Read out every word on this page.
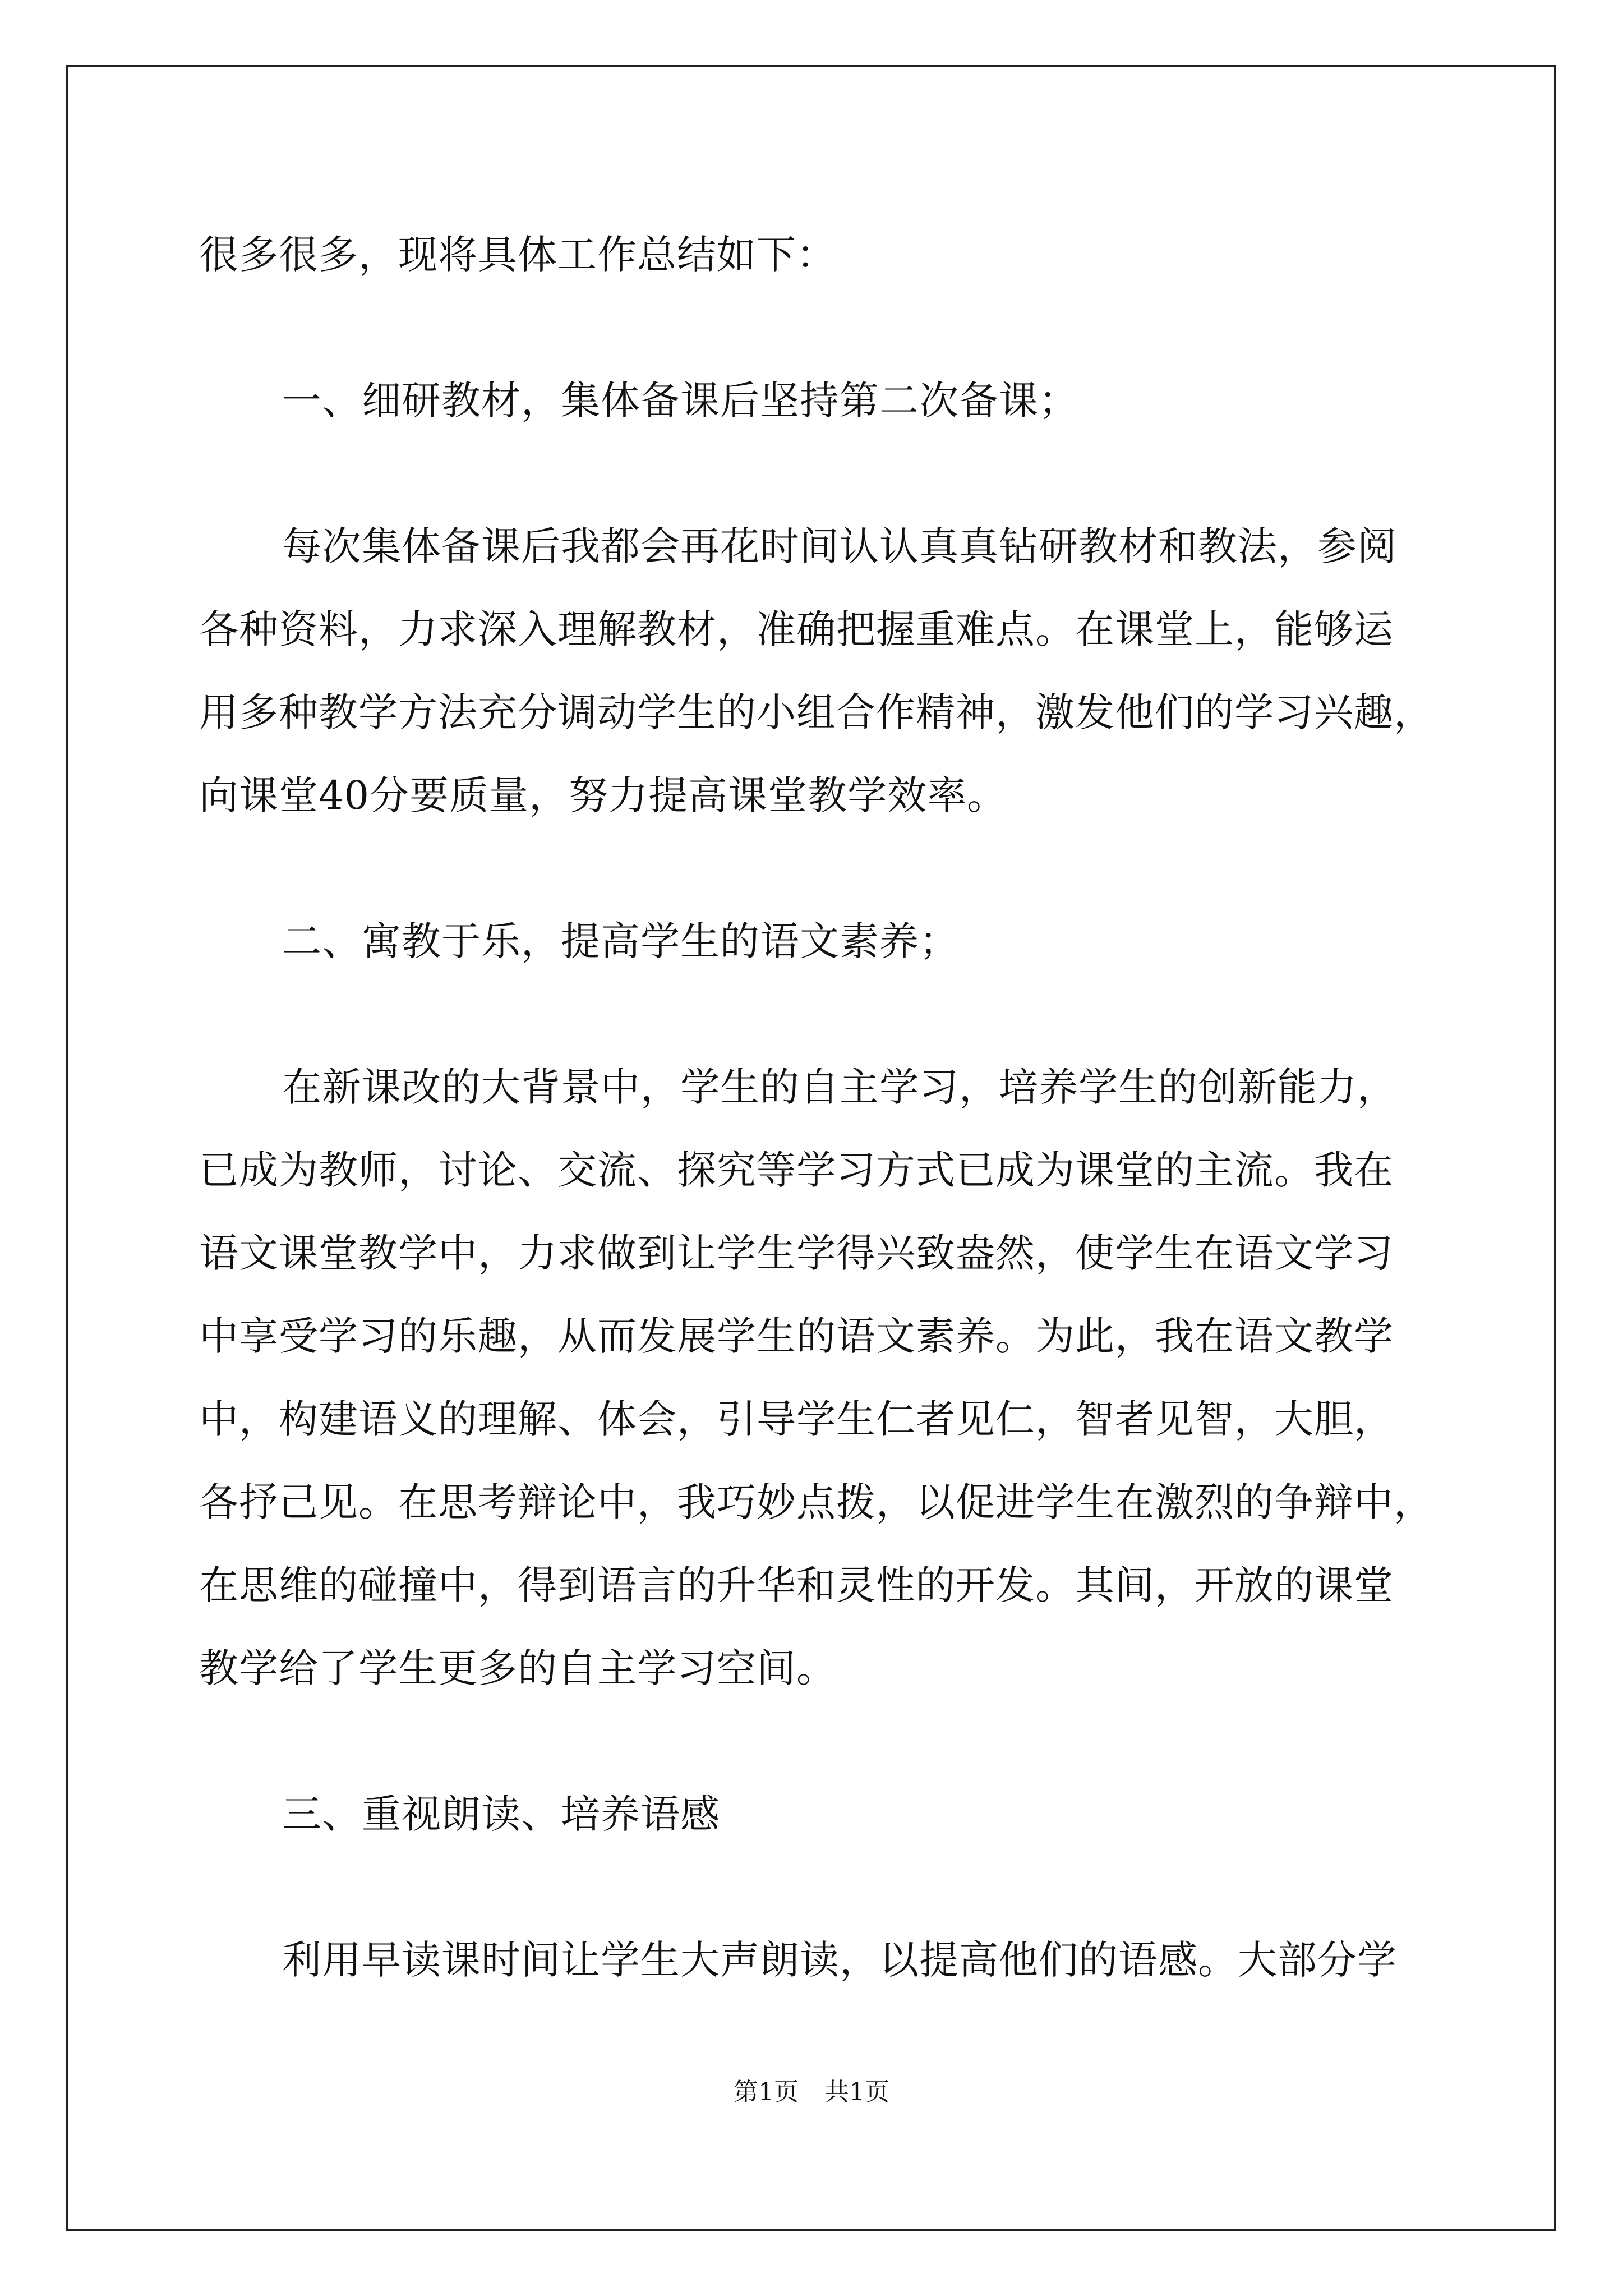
很多很多，现将具体工作总结如下：

一、细研教材，集体备课后坚持第二次备课；

每次集体备课后我都会再花时间认认真真钻研教材和教法，参阅
各种资料，力求深入理解教材，准确把握重难点。在课堂上，能够运
用多种教学方法充分调动学生的小组合作精神，激发他们的学习兴趣，
向课堂40分要质量，努力提高课堂教学效率。

二、寓教于乐，提高学生的语文素养；

在新课改的大背景中，学生的自主学习，培养学生的创新能力，
已成为教师，讨论、交流、探究等学习方式已成为课堂的主流。我在
语文课堂教学中，力求做到让学生学得兴致盎然，使学生在语文学习
中享受学习的乐趣，从而发展学生的语文素养。为此，我在语文教学
中，构建语义的理解、体会，引导学生仁者见仁，智者见智，大胆，
各抒己见。在思考辩论中，我巧妙点拨，以促进学生在激烈的争辩中，
在思维的碰撞中，得到语言的升华和灵性的开发。其间，开放的课堂
教学给了学生更多的自主学习空间。

三、重视朗读、培养语感

利用早读课时间让学生大声朗读，以提高他们的语感。大部分学

第1页 共1页
